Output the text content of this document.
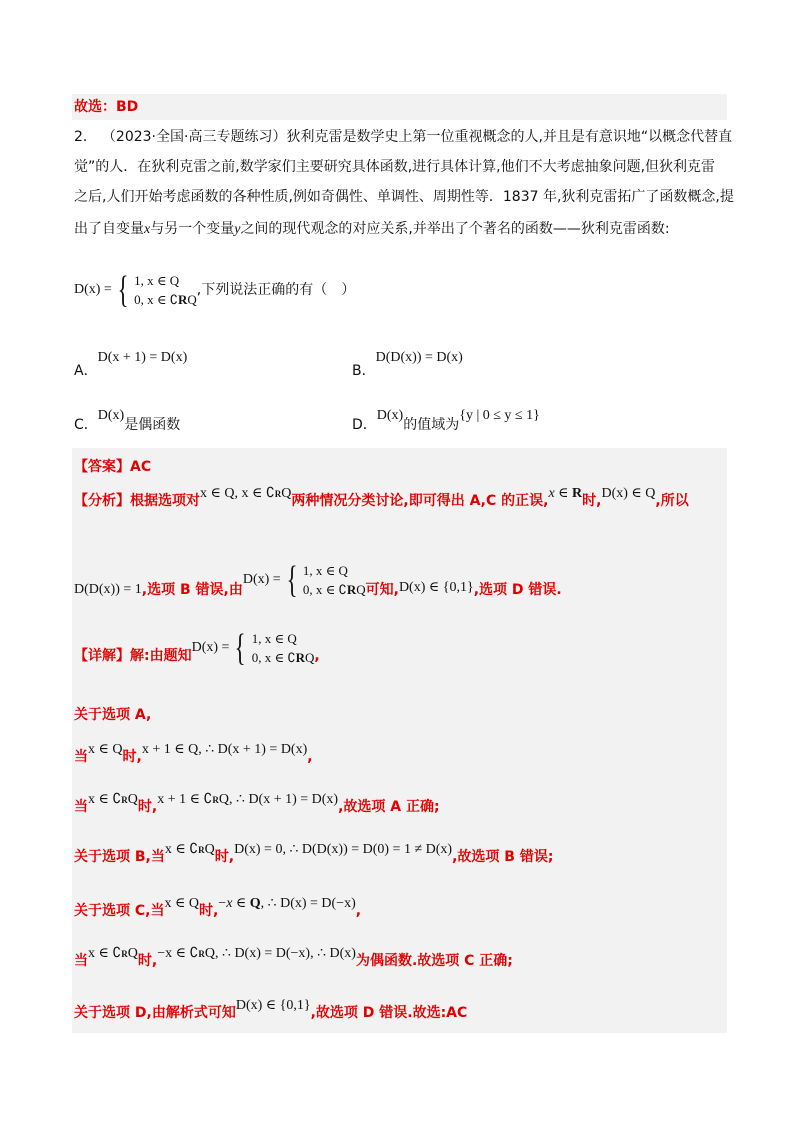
故选：BD
2． （2023·全国·高三专题练习）狄利克雷是数学史上第一位重视概念的人,并且是有意识地“以概念代替直
觉”的人．在狄利克雷之前,数学家们主要研究具体函数,进行具体计算,他们不大考虑抽象问题,但狄利克雷
之后,人们开始考虑函数的各种性质,例如奇偶性、单调性、周期性等．1837 年,狄利克雷拓广了函数概念,提
出了自变量x与另一个变量y之间的现代观念的对应关系,并举出了个著名的函数——狄利克雷函数:
D(x) = { 1, x ∈ Q
0, x ∈ ∁RQ,下列说法正确的有（　）
A．D(x + 1) = D(x)
B．D(D(x)) = D(x)
C．D(x)是偶函数	D．D(x)的值域为{y | 0 ≤ y ≤ 1}
【答案】AC
【分析】根据选项对x ∈ Q, x ∈ ∁RQ两种情况分类讨论,即可得出 A,C 的正误,x ∈ R时,D(x) ∈ Q,所以
D(D(x)) = 1,选项 B 错误,由D(x) = { 1, x ∈ Q
0, x ∈ ∁RQ可知,D(x) ∈ {0,1},选项 D 错误.
【详解】解:由题知D(x) = { 1, x ∈ Q
0, x ∈ ∁RQ,
关于选项 A,
当x ∈ Q时,x + 1 ∈ Q, ∴ D(x + 1) = D(x),
当x ∈ ∁RQ时,x + 1 ∈ ∁RQ, ∴ D(x + 1) = D(x),故选项 A 正确;
关于选项 B,当x ∈ ∁RQ时,D(x) = 0, ∴ D(D(x)) = D(0) = 1 ≠ D(x),故选项 B 错误;
关于选项 C,当x ∈ Q时,−x ∈ Q, ∴ D(x) = D(−x),
当x ∈ ∁RQ时,−x ∈ ∁RQ, ∴ D(x) = D(−x), ∴ D(x)为偶函数.故选项 C 正确;
关于选项 D,由解析式可知D(x) ∈ {0,1},故选项 D 错误.故选:AC
